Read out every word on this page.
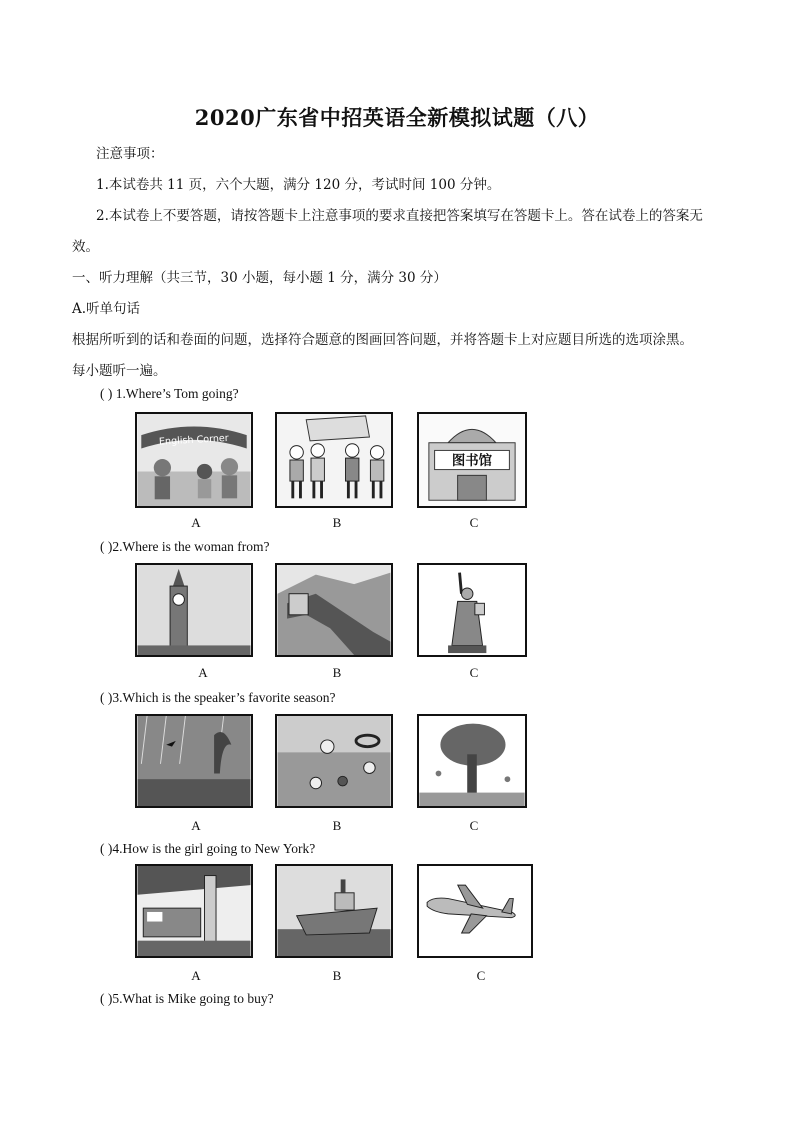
2020广东省中招英语全新模拟试题（八）
注意事项：
1.本试卷共 11 页，六个大题，满分 120 分，考试时间 100 分钟。
2.本试卷上不要答题，请按答题卡上注意事项的要求直接把答案填写在答题卡上。答在试卷上的答案无
效。
一、听力理解（共三节，30 小题，每小题 1 分，满分 30 分）
A.听单句话
根据所听到的话和卷面的问题，选择符合题意的图画回答问题，并将答题卡上对应题目所选的选项涂黑。
每小题听一遍。
( ) 1.Where’s Tom going?
English Corner
图书馆
A	B	C
( )2.Where is the woman from?
A	B	C
( )3.Which is the speaker’s favorite season?
A	B	C
( )4.How is the girl going to New York?
A	B	C
( )5.What is Mike going to buy?
